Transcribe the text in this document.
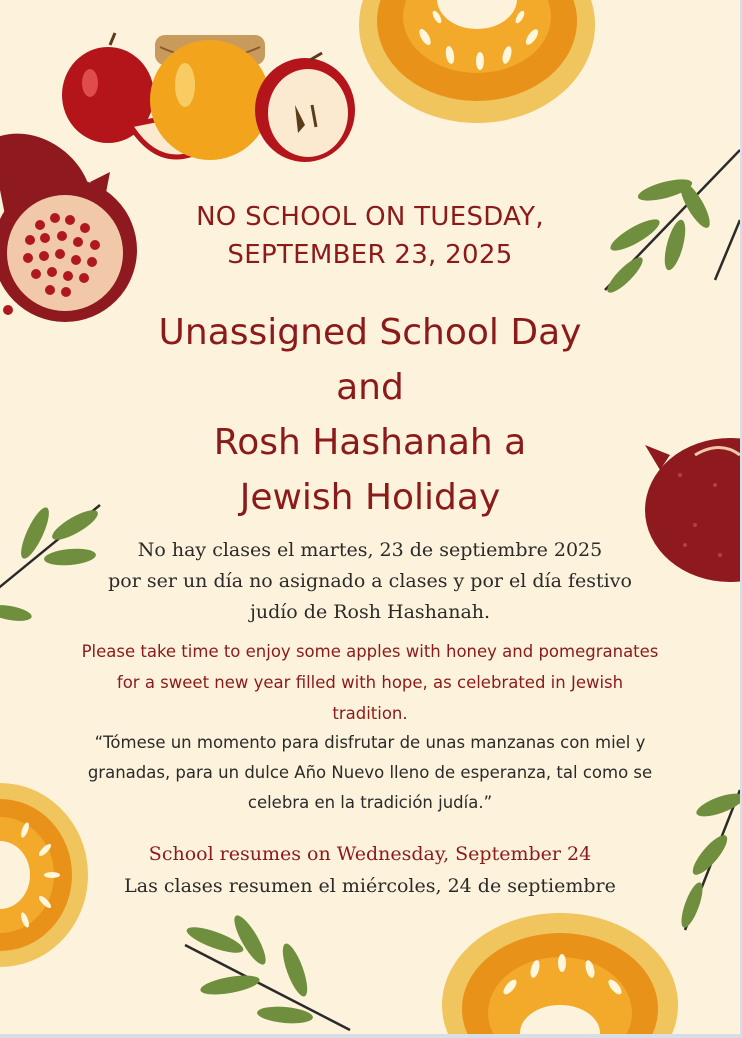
NO SCHOOL ON TUESDAY,
SEPTEMBER 23, 2025
Unassigned School Day
and
Rosh Hashanah a
Jewish Holiday
No hay clases el martes, 23 de septiembre 2025
por ser un día no asignado a clases y por el día festivo
judío de Rosh Hashanah.
Please take time to enjoy some apples with honey and pomegranates
for a sweet new year filled with hope, as celebrated in Jewish
tradition.
“Tómese un momento para disfrutar de unas manzanas con miel y
granadas, para un dulce Año Nuevo lleno de esperanza, tal como se
celebra en la tradición judía.”
School resumes on Wednesday, September 24
Las clases resumen el miércoles, 24 de septiembre
